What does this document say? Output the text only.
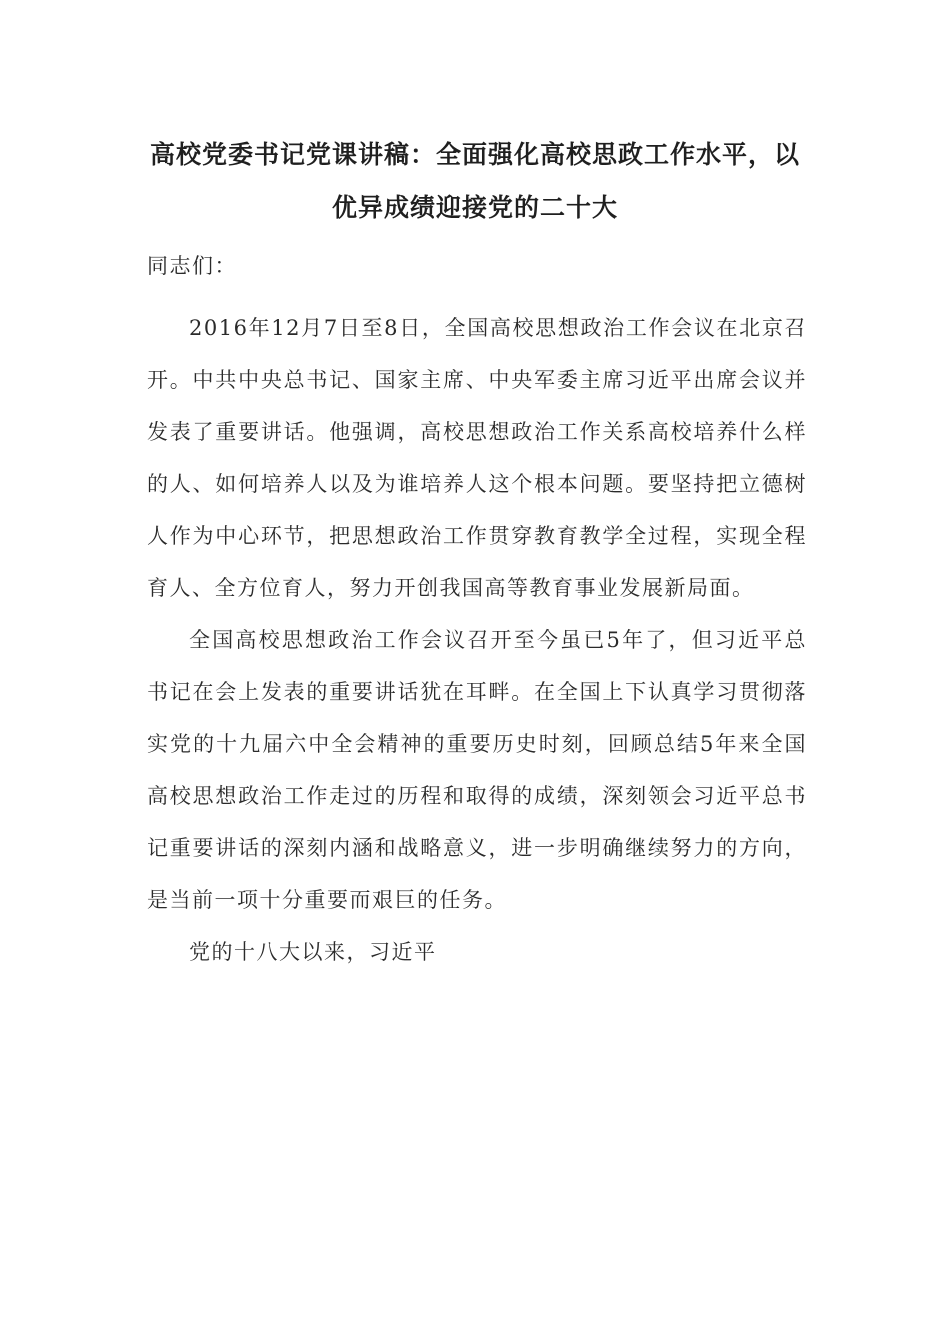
高校党委书记党课讲稿：全面强化高校思政工作水平，以
优异成绩迎接党的二十大
同志们：
2016年12月7日至8日，全国高校思想政治工作会议在北京召开。中共中央总书记、国家主席、中央军委主席习近平出席会议并发表了重要讲话。他强调，高校思想政治工作关系高校培养什么样的人、如何培养人以及为谁培养人这个根本问题。要坚持把立德树人作为中心环节，把思想政治工作贯穿教育教学全过程，实现全程育人、全方位育人，努力开创我国高等教育事业发展新局面。
全国高校思想政治工作会议召开至今虽已5年了，但习近平总书记在会上发表的重要讲话犹在耳畔。在全国上下认真学习贯彻落实党的十九届六中全会精神的重要历史时刻，回顾总结5年来全国高校思想政治工作走过的历程和取得的成绩，深刻领会习近平总书记重要讲话的深刻内涵和战略意义，进一步明确继续努力的方向，是当前一项十分重要而艰巨的任务。
党的十八大以来，习近平
